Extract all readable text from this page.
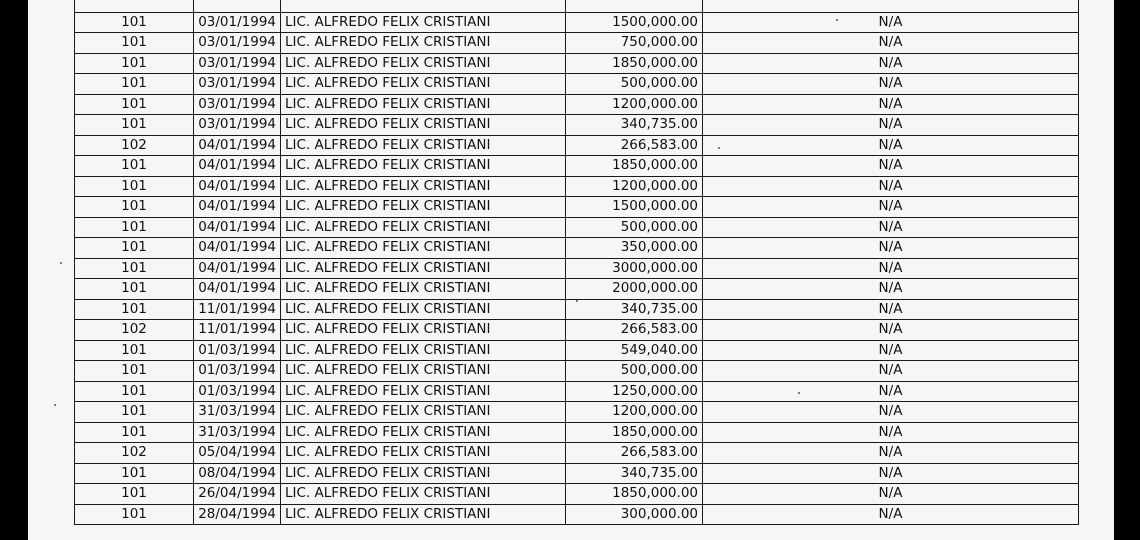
101	03/01/1994	LIC. ALFREDO FELIX CRISTIANI	1500,000.00	N/A
101	03/01/1994	LIC. ALFREDO FELIX CRISTIANI	750,000.00	N/A
101	03/01/1994	LIC. ALFREDO FELIX CRISTIANI	1850,000.00	N/A
101	03/01/1994	LIC. ALFREDO FELIX CRISTIANI	500,000.00	N/A
101	03/01/1994	LIC. ALFREDO FELIX CRISTIANI	1200,000.00	N/A
101	03/01/1994	LIC. ALFREDO FELIX CRISTIANI	340,735.00	N/A
102	04/01/1994	LIC. ALFREDO FELIX CRISTIANI	266,583.00	N/A
101	04/01/1994	LIC. ALFREDO FELIX CRISTIANI	1850,000.00	N/A
101	04/01/1994	LIC. ALFREDO FELIX CRISTIANI	1200,000.00	N/A
101	04/01/1994	LIC. ALFREDO FELIX CRISTIANI	1500,000.00	N/A
101	04/01/1994	LIC. ALFREDO FELIX CRISTIANI	500,000.00	N/A
101	04/01/1994	LIC. ALFREDO FELIX CRISTIANI	350,000.00	N/A
101	04/01/1994	LIC. ALFREDO FELIX CRISTIANI	3000,000.00	N/A
101	04/01/1994	LIC. ALFREDO FELIX CRISTIANI	2000,000.00	N/A
101	11/01/1994	LIC. ALFREDO FELIX CRISTIANI	340,735.00	N/A
102	11/01/1994	LIC. ALFREDO FELIX CRISTIANI	266,583.00	N/A
101	01/03/1994	LIC. ALFREDO FELIX CRISTIANI	549,040.00	N/A
101	01/03/1994	LIC. ALFREDO FELIX CRISTIANI	500,000.00	N/A
101	01/03/1994	LIC. ALFREDO FELIX CRISTIANI	1250,000.00	N/A
101	31/03/1994	LIC. ALFREDO FELIX CRISTIANI	1200,000.00	N/A
101	31/03/1994	LIC. ALFREDO FELIX CRISTIANI	1850,000.00	N/A
102	05/04/1994	LIC. ALFREDO FELIX CRISTIANI	266,583.00	N/A
101	08/04/1994	LIC. ALFREDO FELIX CRISTIANI	340,735.00	N/A
101	26/04/1994	LIC. ALFREDO FELIX CRISTIANI	1850,000.00	N/A
101	28/04/1994	LIC. ALFREDO FELIX CRISTIANI	300,000.00	N/A
